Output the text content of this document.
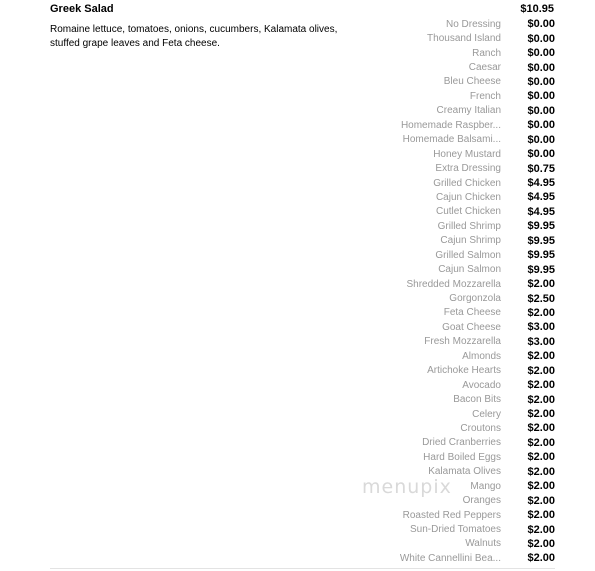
Greek Salad	$10.95
Romaine lettuce, tomatoes, onions, cucumbers, Kalamata olives, stuffed grape leaves and Feta cheese.
No Dressing	$0.00
Thousand Island	$0.00
Ranch	$0.00
Caesar	$0.00
Bleu Cheese	$0.00
French	$0.00
Creamy Italian	$0.00
Homemade Raspber...	$0.00
Homemade Balsami...	$0.00
Honey Mustard	$0.00
Extra Dressing	$0.75
Grilled Chicken	$4.95
Cajun Chicken	$4.95
Cutlet Chicken	$4.95
Grilled Shrimp	$9.95
Cajun Shrimp	$9.95
Grilled Salmon	$9.95
Cajun Salmon	$9.95
Shredded Mozzarella	$2.00
Gorgonzola	$2.50
Feta Cheese	$2.00
Goat Cheese	$3.00
Fresh Mozzarella	$3.00
Almonds	$2.00
Artichoke Hearts	$2.00
Avocado	$2.00
Bacon Bits	$2.00
Celery	$2.00
Croutons	$2.00
Dried Cranberries	$2.00
Hard Boiled Eggs	$2.00
Kalamata Olives	$2.00
Mango	$2.00
Oranges	$2.00
Roasted Red Peppers	$2.00
Sun-Dried Tomatoes	$2.00
Walnuts	$2.00
White Cannellini Bea...	$2.00
menupix
